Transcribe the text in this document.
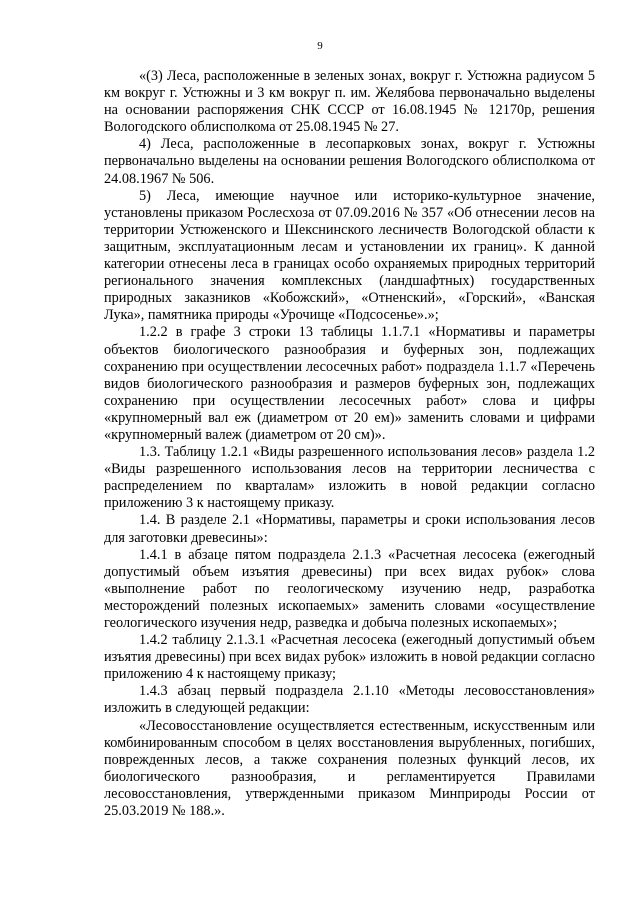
9

«(3) Леса, расположенные в зеленых зонах, вокруг г. Устюжна радиусом 5 км вокруг г. Устюжны и 3 км вокруг п. им. Желябова первоначально выделены на основании распоряжения СНК СССР от 16.08.1945 № 12170р, решения Вологодского облисполкома от 25.08.1945 № 27.

4) Леса, расположенные в лесопарковых зонах, вокруг г. Устюжны первоначально выделены на основании решения Вологодского облисполкома от 24.08.1967 № 506.

5) Леса, имеющие научное или историко-культурное значение, установлены приказом Рослесхоза от 07.09.2016 № 357 «Об отнесении лесов на территории Устюженского и Шекснинского лесничеств Вологодской области к защитным, эксплуатационным лесам и установлении их границ». К данной категории отнесены леса в границах особо охраняемых природных территорий регионального значения комплексных (ландшафтных) государственных природных заказников «Кобожский», «Отненский», «Горский», «Ванская Лука», памятника природы «Урочище «Подсосенье».»;

1.2.2 в графе 3 строки 13 таблицы 1.1.7.1 «Нормативы и параметры объектов биологического разнообразия и буферных зон, подлежащих сохранению при осуществлении лесосечных работ» подраздела 1.1.7 «Перечень видов биологического разнообразия и размеров буферных зон, подлежащих сохранению при осуществлении лесосечных работ» слова и цифры «крупномерный вал еж (диаметром от 20 ем)» заменить словами и цифрами «крупномерный валеж (диаметром от 20 см)».

1.3. Таблицу 1.2.1 «Виды разрешенного использования лесов» раздела 1.2 «Виды разрешенного использования лесов на территории лесничества с распределением по кварталам» изложить в новой редакции согласно приложению 3 к настоящему приказу.

1.4. В разделе 2.1 «Нормативы, параметры и сроки использования лесов для заготовки древесины»:

1.4.1 в абзаце пятом подраздела 2.1.3 «Расчетная лесосека (ежегодный допустимый объем изъятия древесины) при всех видах рубок» слова «выполнение работ по геологическому изучению недр, разработка месторождений полезных ископаемых» заменить словами «осуществление геологического изучения недр, разведка и добыча полезных ископаемых»;

1.4.2 таблицу 2.1.3.1 «Расчетная лесосека (ежегодный допустимый объем изъятия древесины) при всех видах рубок» изложить в новой редакции согласно приложению 4 к настоящему приказу;

1.4.3 абзац первый подраздела 2.1.10 «Методы лесовосстановления» изложить в следующей редакции:

«Лесовосстановление осуществляется естественным, искусственным или комбинированным способом в целях восстановления вырубленных, погибших, поврежденных лесов, а также сохранения полезных функций лесов, их биологического разнообразия, и регламентируется Правилами лесовосстановления, утвержденными приказом Минприроды России от 25.03.2019 № 188.».
